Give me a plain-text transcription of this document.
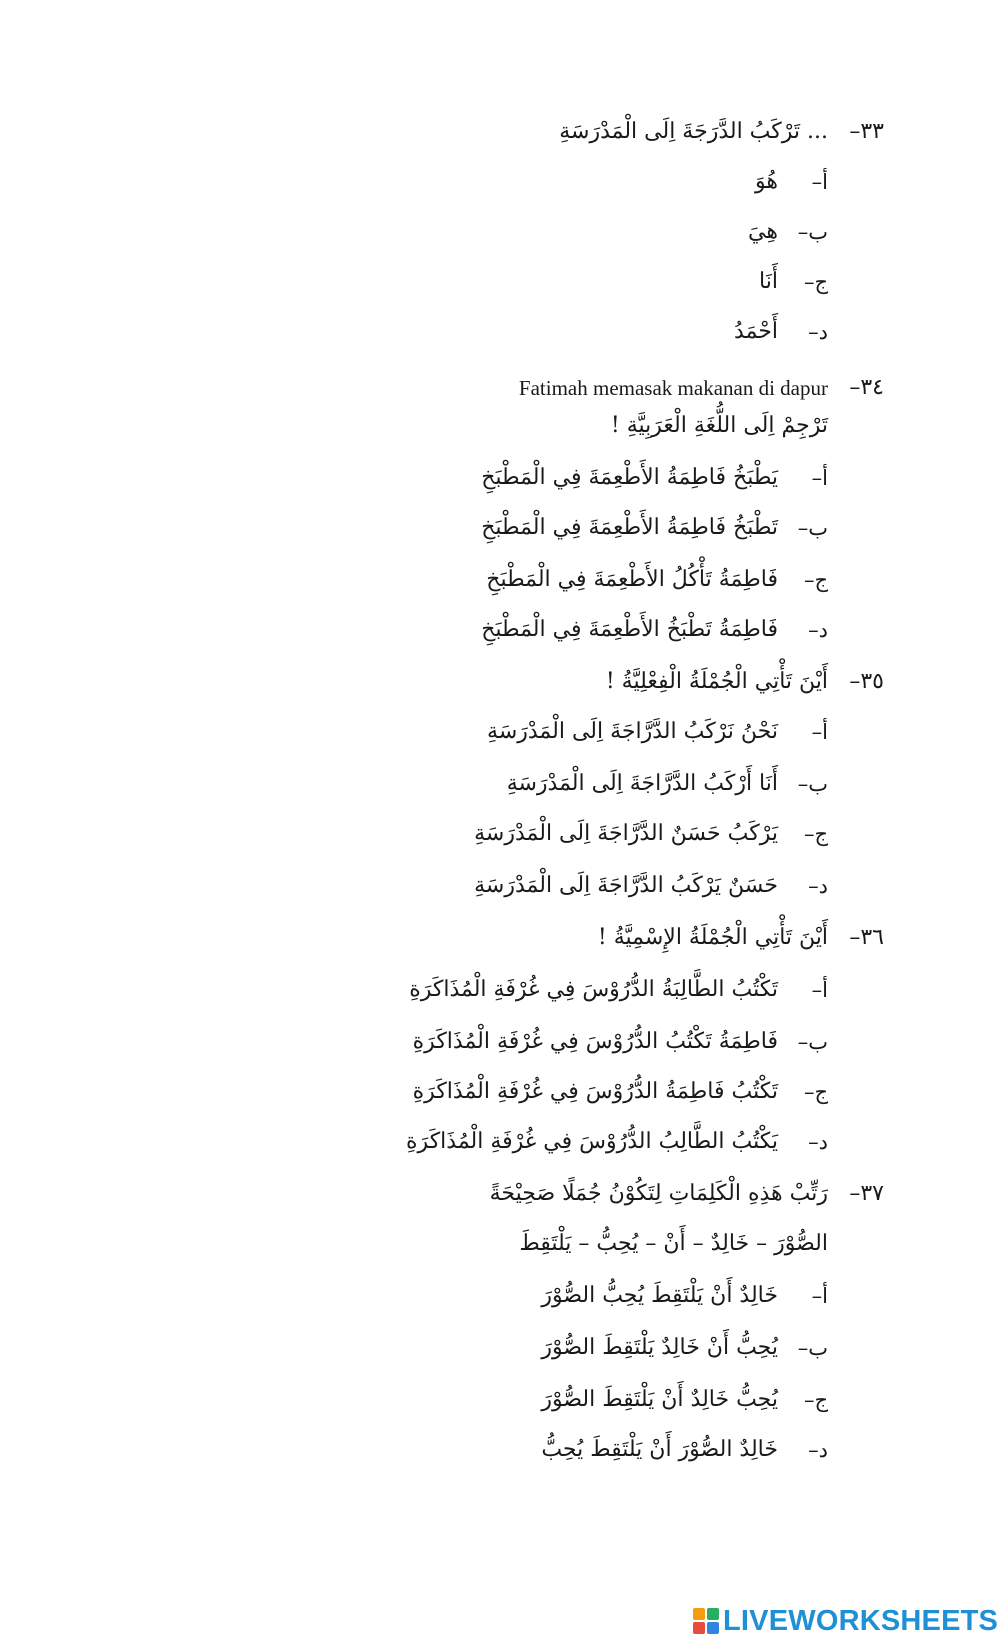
٣٣–
... تَرْكَبُ الدَّرَجَةَ اِلَى الْمَدْرَسَةِ
أ–
هُوَ
ب–
هِيَ
ج–
أَنَا
د–
أَحْمَدُ
٣٤–
Fatimah memasak makanan di dapur
تَرْجِمْ اِلَى اللُّغَةِ الْعَرَبِيَّةِ !
أ–
يَطْبَخُ فَاطِمَةُ الأَطْعِمَةَ فِي الْمَطْبَخِ
ب–
تَطْبَخُ فَاطِمَةُ الأَطْعِمَةَ فِي الْمَطْبَخِ
ج–
فَاطِمَةُ تَأْكُلُ الأَطْعِمَةَ فِي الْمَطْبَخِ
د–
فَاطِمَةُ تَطْبَخُ الأَطْعِمَةَ فِي الْمَطْبَخِ
٣٥–
أَيْنَ تَأْتِي الْجُمْلَةُ الْفِعْلِيَّةُ !
أ–
نَحْنُ نَرْكَبُ الدَّرَّاجَةَ اِلَى الْمَدْرَسَةِ
ب–
أَنَا أَرْكَبُ الدَّرَّاجَةَ اِلَى الْمَدْرَسَةِ
ج–
يَرْكَبُ حَسَنٌ الدَّرَّاجَةَ اِلَى الْمَدْرَسَةِ
د–
حَسَنٌ يَرْكَبُ الدَّرَّاجَةَ اِلَى الْمَدْرَسَةِ
٣٦–
أَيْنَ تَأْتِي الْجُمْلَةُ الإِسْمِيَّةُ !
أ–
تَكْتُبُ الطَّالِبَةُ الدُّرُوْسَ فِي غُرْفَةِ الْمُذَاكَرَةِ
ب–
فَاطِمَةُ تَكْتُبُ الدُّرُوْسَ فِي غُرْفَةِ الْمُذَاكَرَةِ
ج–
تَكْتُبُ فَاطِمَةُ الدُّرُوْسَ فِي غُرْفَةِ الْمُذَاكَرَةِ
د–
يَكْتُبُ الطَّالِبُ الدُّرُوْسَ فِي غُرْفَةِ الْمُذَاكَرَةِ
٣٧–
رَتِّبْ هَذِهِ الْكَلِمَاتِ لِتَكُوْنُ جُمَلًا صَحِيْحَةً
الصُّوْرَ – خَالِدٌ – أَنْ – يُحِبُّ – يَلْتَقِطَ
أ–
خَالِدٌ أَنْ يَلْتَقِطَ يُحِبُّ الصُّوْرَ
ب–
يُحِبُّ أَنْ خَالِدٌ يَلْتَقِطَ الصُّوْرَ
ج–
يُحِبُّ خَالِدٌ أَنْ يَلْتَقِطَ الصُّوْرَ
د–
خَالِدٌ الصُّوْرَ أَنْ يَلْتَقِطَ يُحِبُّ
LIVEWORKSHEETS
